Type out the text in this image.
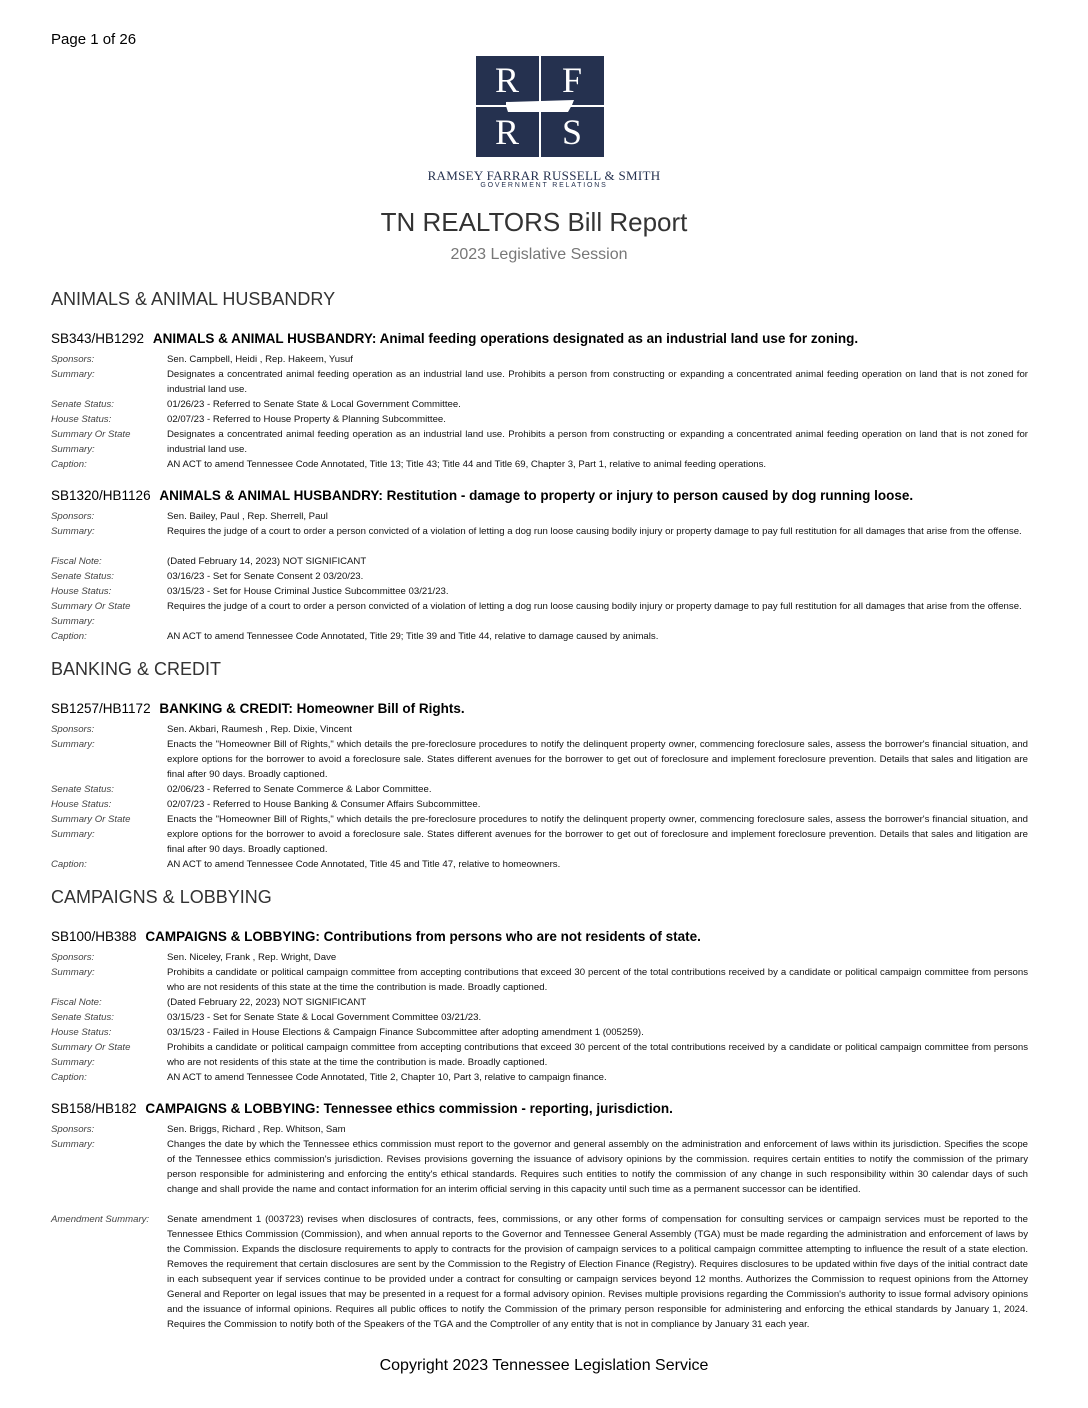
Page 1 of 26
R	F
R	S
RAMSEY FARRAR RUSSELL & SMITH
GOVERNMENT RELATIONS
TN REALTORS Bill Report
2023 Legislative Session
ANIMALS & ANIMAL HUSBANDRY
SB343/HB1292 ANIMALS & ANIMAL HUSBANDRY: Animal feeding operations designated as an industrial land use for zoning.
Sponsors:	Sen. Campbell, Heidi , Rep. Hakeem, Yusuf
Summary:	Designates a concentrated animal feeding operation as an industrial land use. Prohibits a person from constructing or expanding a concentrated animal feeding operation on land that is not zoned for industrial land use.
Senate Status:	01/26/23 - Referred to Senate State & Local Government Committee.
House Status:	02/07/23 - Referred to House Property & Planning Subcommittee.
Summary Or State Summary:
Designates a concentrated animal feeding operation as an industrial land use. Prohibits a person from constructing or expanding a concentrated animal feeding operation on land that is not zoned for industrial land use.
Caption:	AN ACT to amend Tennessee Code Annotated, Title 13; Title 43; Title 44 and Title 69, Chapter 3, Part 1, relative to animal feeding operations.
SB1320/HB1126 ANIMALS & ANIMAL HUSBANDRY: Restitution - damage to property or injury to person caused by dog running loose.
Sponsors:	Sen. Bailey, Paul , Rep. Sherrell, Paul
Summary:	Requires the judge of a court to order a person convicted of a violation of letting a dog run loose causing bodily injury or property damage to pay full restitution for all damages that arise from the offense.
Fiscal Note:	(Dated February 14, 2023) NOT SIGNIFICANT
Senate Status:	03/16/23 - Set for Senate Consent 2 03/20/23.
House Status:	03/15/23 - Set for House Criminal Justice Subcommittee 03/21/23.
Summary Or State Summary:
Requires the judge of a court to order a person convicted of a violation of letting a dog run loose causing bodily injury or property damage to pay full restitution for all damages that arise from the offense.
Caption:	AN ACT to amend Tennessee Code Annotated, Title 29; Title 39 and Title 44, relative to damage caused by animals.
BANKING & CREDIT
SB1257/HB1172 BANKING & CREDIT: Homeowner Bill of Rights.
Sponsors:	Sen. Akbari, Raumesh , Rep. Dixie, Vincent
Summary:	Enacts the "Homeowner Bill of Rights," which details the pre-foreclosure procedures to notify the delinquent property owner, commencing foreclosure sales, assess the borrower's financial situation, and explore options for the borrower to avoid a foreclosure sale. States different avenues for the borrower to get out of foreclosure and implement foreclosure prevention. Details that sales and litigation are final after 90 days. Broadly captioned.
Senate Status:	02/06/23 - Referred to Senate Commerce & Labor Committee.
House Status:	02/07/23 - Referred to House Banking & Consumer Affairs Subcommittee.
Summary Or State Summary:
Enacts the "Homeowner Bill of Rights," which details the pre-foreclosure procedures to notify the delinquent property owner, commencing foreclosure sales, assess the borrower's financial situation, and explore options for the borrower to avoid a foreclosure sale. States different avenues for the borrower to get out of foreclosure and implement foreclosure prevention. Details that sales and litigation are final after 90 days. Broadly captioned.
Caption:	AN ACT to amend Tennessee Code Annotated, Title 45 and Title 47, relative to homeowners.
CAMPAIGNS & LOBBYING
SB100/HB388 CAMPAIGNS & LOBBYING: Contributions from persons who are not residents of state.
Sponsors:	Sen. Niceley, Frank , Rep. Wright, Dave
Summary:	Prohibits a candidate or political campaign committee from accepting contributions that exceed 30 percent of the total contributions received by a candidate or political campaign committee from persons who are not residents of this state at the time the contribution is made. Broadly captioned.
Fiscal Note:	(Dated February 22, 2023) NOT SIGNIFICANT
Senate Status:	03/15/23 - Set for Senate State & Local Government Committee 03/21/23.
House Status:	03/15/23 - Failed in House Elections & Campaign Finance Subcommittee after adopting amendment 1 (005259).
Summary Or State Summary:
Prohibits a candidate or political campaign committee from accepting contributions that exceed 30 percent of the total contributions received by a candidate or political campaign committee from persons who are not residents of this state at the time the contribution is made. Broadly captioned.
Caption:	AN ACT to amend Tennessee Code Annotated, Title 2, Chapter 10, Part 3, relative to campaign finance.
SB158/HB182 CAMPAIGNS & LOBBYING: Tennessee ethics commission - reporting, jurisdiction.
Sponsors:	Sen. Briggs, Richard , Rep. Whitson, Sam
Summary:	Changes the date by which the Tennessee ethics commission must report to the governor and general assembly on the administration and enforcement of laws within its jurisdiction. Specifies the scope of the Tennessee ethics commission's jurisdiction. Revises provisions governing the issuance of advisory opinions by the commission. requires certain entities to notify the commission of the primary person responsible for administering and enforcing the entity's ethical standards. Requires such entities to notify the commission of any change in such responsibility within 30 calendar days of such change and shall provide the name and contact information for an interim official serving in this capacity until such time as a permanent successor can be identified.
Amendment Summary:	Senate amendment 1 (003723) revises when disclosures of contracts, fees, commissions, or any other forms of compensation for consulting services or campaign services must be reported to the Tennessee Ethics Commission (Commission), and when annual reports to the Governor and Tennessee General Assembly (TGA) must be made regarding the administration and enforcement of laws by the Commission. Expands the disclosure requirements to apply to contracts for the provision of campaign services to a political campaign committee attempting to influence the result of a state election. Removes the requirement that certain disclosures are sent by the Commission to the Registry of Election Finance (Registry). Requires disclosures to be updated within five days of the initial contract date in each subsequent year if services continue to be provided under a contract for consulting or campaign services beyond 12 months. Authorizes the Commission to request opinions from the Attorney General and Reporter on legal issues that may be presented in a request for a formal advisory opinion. Revises multiple provisions regarding the Commission's authority to issue formal advisory opinions and the issuance of informal opinions. Requires all public offices to notify the Commission of the primary person responsible for administering and enforcing the ethical standards by January 1, 2024. Requires the Commission to notify both of the Speakers of the TGA and the Comptroller of any entity that is not in compliance by January 31 each year.
Copyright 2023 Tennessee Legislation Service
